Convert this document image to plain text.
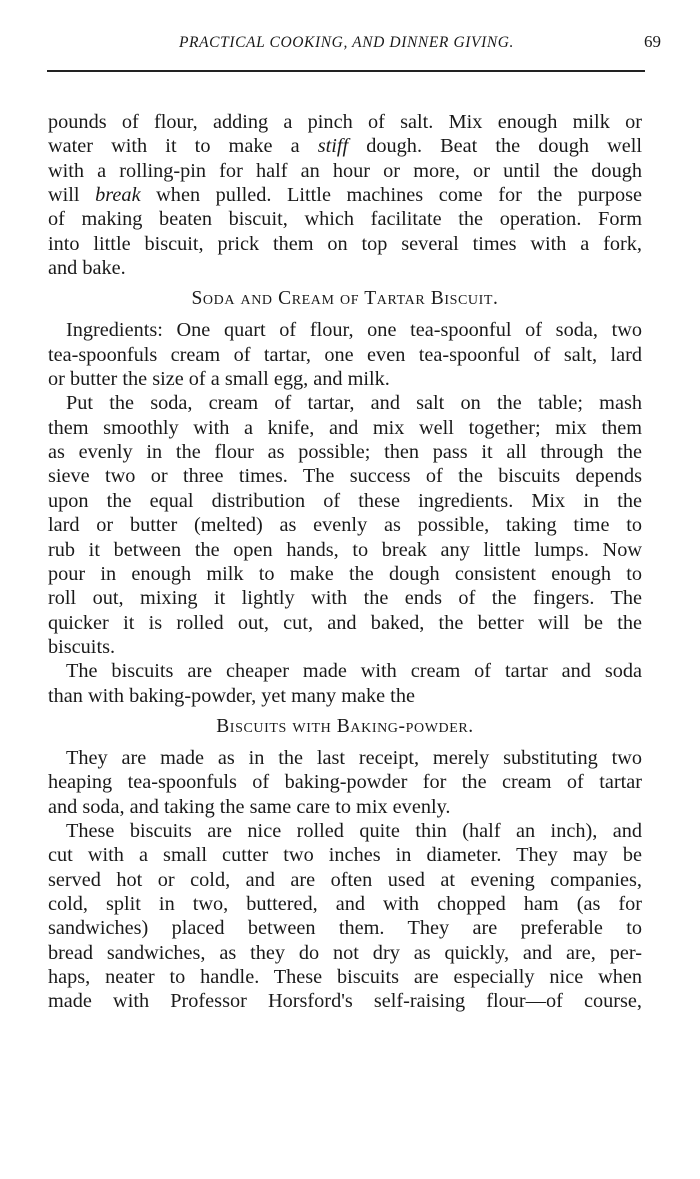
PRACTICAL COOKING, AND DINNER GIVING.	69
pounds of flour, adding a pinch of salt. Mix enough milk or
water with it to make a stiff dough. Beat the dough well
with a rolling-pin for half an hour or more, or until the dough
will break when pulled. Little machines come for the purpose
of making beaten biscuit, which facilitate the operation. Form
into little biscuit, prick them on top several times with a fork,
and bake.
Soda and Cream of Tartar Biscuit.
Ingredients: One quart of flour, one tea-spoonful of soda, two
tea-spoonfuls cream of tartar, one even tea-spoonful of salt, lard
or butter the size of a small egg, and milk.
Put the soda, cream of tartar, and salt on the table; mash
them smoothly with a knife, and mix well together; mix them
as evenly in the flour as possible; then pass it all through the
sieve two or three times. The success of the biscuits depends
upon the equal distribution of these ingredients. Mix in the
lard or butter (melted) as evenly as possible, taking time to
rub it between the open hands, to break any little lumps. Now
pour in enough milk to make the dough consistent enough to
roll out, mixing it lightly with the ends of the fingers. The
quicker it is rolled out, cut, and baked, the better will be the
biscuits.
The biscuits are cheaper made with cream of tartar and soda
than with baking-powder, yet many make the
Biscuits with Baking-powder.
They are made as in the last receipt, merely substituting two
heaping tea-spoonfuls of baking-powder for the cream of tartar
and soda, and taking the same care to mix evenly.
These biscuits are nice rolled quite thin (half an inch), and
cut with a small cutter two inches in diameter. They may be
served hot or cold, and are often used at evening companies,
cold, split in two, buttered, and with chopped ham (as for
sandwiches) placed between them. They are preferable to
bread sandwiches, as they do not dry as quickly, and are, per-
haps, neater to handle. These biscuits are especially nice when
made with Professor Horsford's self-raising flour—of course,
